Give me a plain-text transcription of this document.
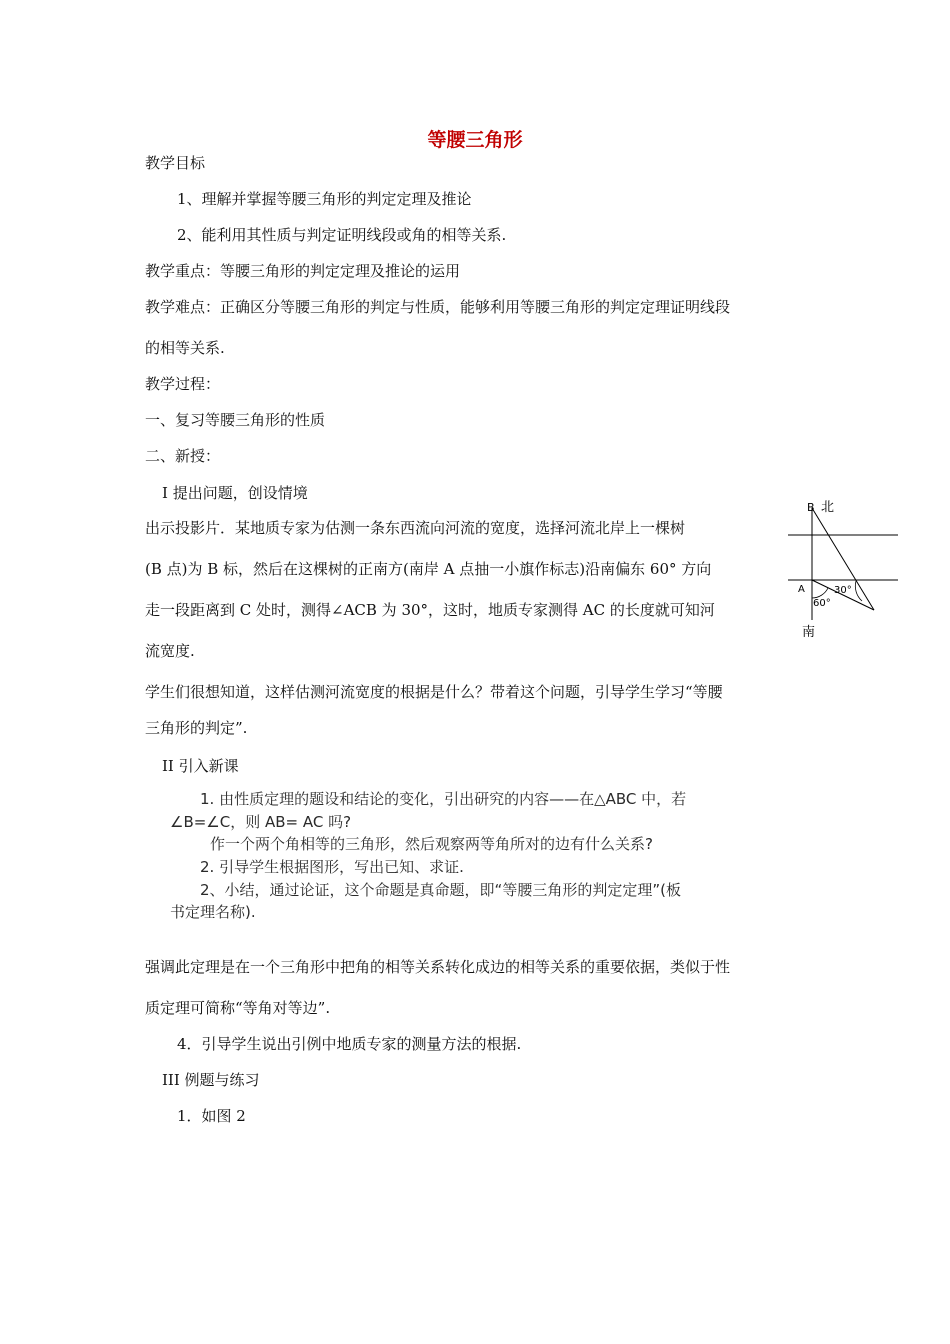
等腰三角形
教学目标
1、理解并掌握等腰三角形的判定定理及推论
2、能利用其性质与判定证明线段或角的相等关系.
教学重点：等腰三角形的判定定理及推论的运用
教学难点：正确区分等腰三角形的判定与性质，能够利用等腰三角形的判定定理证明线段
的相等关系.
教学过程：
一、复习等腰三角形的性质
二、新授：
I 提出问题，创设情境
出示投影片．某地质专家为估测一条东西流向河流的宽度，选择河流北岸上一棵树
(B 点)为 B 标，然后在这棵树的正南方(南岸 A 点抽一小旗作标志)沿南偏东 60° 方向
走一段距离到 C 处时，测得∠ACB 为 30°，这时，地质专家测得 AC 的长度就可知河
流宽度.
B 北
A	30°
60°
南
学生们很想知道，这样估测河流宽度的根据是什么？带着这个问题，引导学生学习“等腰
三角形的判定”.
II 引入新课
1. 由性质定理的题设和结论的变化，引出研究的内容——在△ABC 中，若
∠B=∠C，则 AB= AC 吗?
作一个两个角相等的三角形，然后观察两等角所对的边有什么关系?
2. 引导学生根据图形，写出已知、求证.
2、小结，通过论证，这个命题是真命题，即“等腰三角形的判定定理”(板
书定理名称).
强调此定理是在一个三角形中把角的相等关系转化成边的相等关系的重要依据，类似于性
质定理可简称“等角对等边”.
4．引导学生说出引例中地质专家的测量方法的根据.
III 例题与练习
1．如图 2
